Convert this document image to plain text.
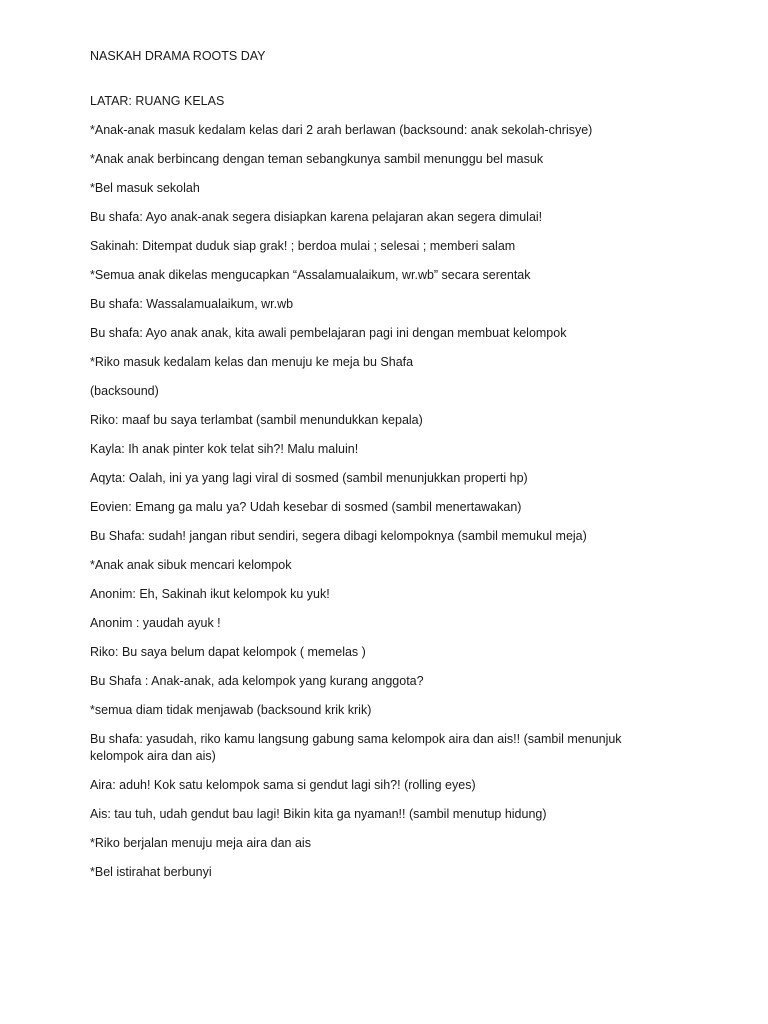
NASKAH DRAMA ROOTS DAY
LATAR: RUANG KELAS
*Anak-anak masuk kedalam kelas dari 2 arah berlawan (backsound: anak sekolah-chrisye)
*Anak anak berbincang dengan teman sebangkunya sambil menunggu bel masuk
*Bel masuk sekolah
Bu shafa: Ayo anak-anak segera disiapkan karena pelajaran akan segera dimulai!
Sakinah: Ditempat duduk siap grak! ; berdoa mulai ; selesai ; memberi salam
*Semua anak dikelas mengucapkan “Assalamualaikum, wr.wb” secara serentak
Bu shafa: Wassalamualaikum, wr.wb
Bu shafa: Ayo anak anak, kita awali pembelajaran pagi ini dengan membuat kelompok
*Riko masuk kedalam kelas dan menuju ke meja bu Shafa
(backsound)
Riko: maaf bu saya terlambat (sambil menundukkan kepala)
Kayla: Ih anak pinter kok telat sih?! Malu maluin!
Aqyta: Oalah, ini ya yang lagi viral di sosmed (sambil menunjukkan properti hp)
Eovien: Emang ga malu ya? Udah kesebar di sosmed (sambil menertawakan)
Bu Shafa: sudah! jangan ribut sendiri, segera dibagi kelompoknya (sambil memukul meja)
*Anak anak sibuk mencari kelompok
Anonim: Eh, Sakinah ikut kelompok ku yuk!
Anonim : yaudah ayuk !
Riko: Bu saya belum dapat kelompok ( memelas )
Bu Shafa : Anak-anak, ada kelompok yang kurang anggota?
*semua diam tidak menjawab (backsound krik krik)
Bu shafa: yasudah, riko kamu langsung gabung sama kelompok aira dan ais!! (sambil menunjuk kelompok aira dan ais)
Aira: aduh! Kok satu kelompok sama si gendut lagi sih?! (rolling eyes)
Ais: tau tuh, udah gendut bau lagi! Bikin kita ga nyaman!! (sambil menutup hidung)
*Riko berjalan menuju meja aira dan ais
*Bel istirahat berbunyi
